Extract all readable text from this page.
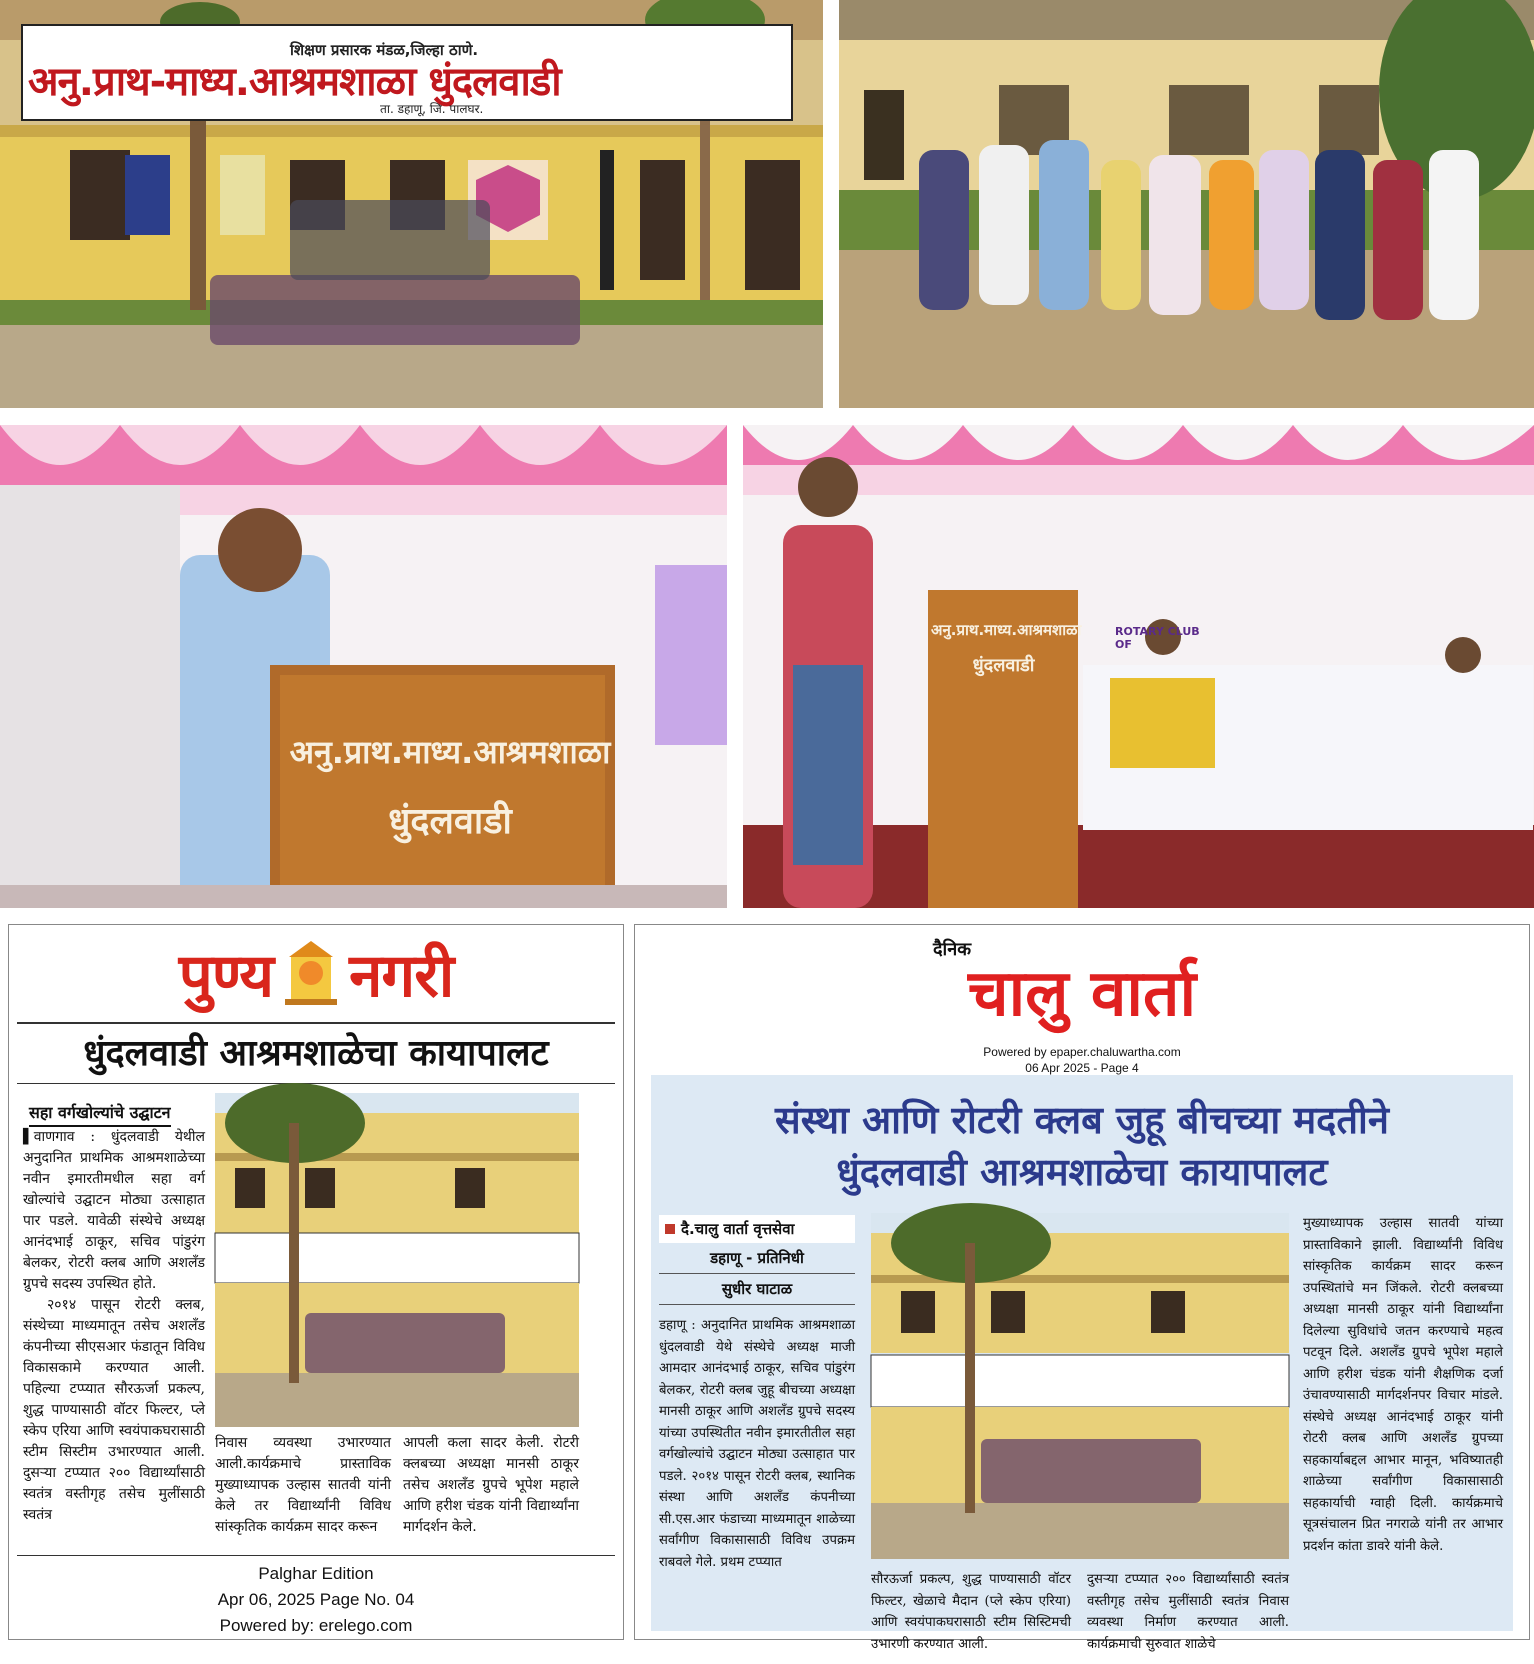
शिक्षण प्रसारक मंडळ,जिल्हा ठाणे.
अनु.प्राथ-माध्य.आश्रमशाळा धुंदलवाडी
ता. डहाणू, जि. पालघर.
अनु.प्राथ.माध्य.आश्रमशाळा
धुंदलवाडी
ROTARY CLUB OF
अनु.प्राथ.माध्य.आश्रमशाळा
धुंदलवाडी
पुण्य नगरी
धुंदलवाडी आश्रमशाळेचा कायापालट
सहा वर्गखोल्यांचे उद्घाटन

▌वाणगाव : धुंदलवाडी येथील अनुदानित प्राथमिक आश्रमशाळेच्या नवीन इमारतीमधील सहा वर्ग खोल्यांचे उद्घाटन मोठ्या उत्साहात पार पडले. यावेळी संस्थेचे अध्यक्ष आनंदभाई ठाकूर, सचिव पांडुरंग बेलकर, रोटरी क्लब आणि अशलँड ग्रुपचे सदस्य उपस्थित होते.

२०१४ पासून रोटरी क्लब, संस्थेच्या माध्यमातून तसेच अशलँड कंपनीच्या सीएसआर फंडातून विविध विकासकामे करण्यात आली. पहिल्या टप्प्यात सौरऊर्जा प्रकल्प, शुद्ध पाण्यासाठी वॉटर फिल्टर, प्ले स्केप एरिया आणि स्वयंपाकघरासाठी स्टीम सिस्टीम उभारण्यात आली. दुसऱ्या टप्प्यात २०० विद्यार्थ्यांसाठी स्वतंत्र वस्तीगृह तसेच मुलींसाठी स्वतंत्र

निवास व्यवस्था उभारण्यात आली.कार्यक्रमाचे प्रास्ताविक मुख्याध्यापक उल्हास सातवी यांनी केले तर विद्यार्थ्यांनी विविध सांस्कृतिक कार्यक्रम सादर करून

आपली कला सादर केली. रोटरी क्लबच्या अध्यक्षा मानसी ठाकूर तसेच अशलँड ग्रुपचे भूपेश महाले आणि हरीश चंडक यांनी विद्यार्थ्यांना मार्गदर्शन केले.

Palghar Edition
Apr 06, 2025 Page No. 04
Powered by: erelego.com
दैनिक
चालु वार्ता
Powered by epaper.chaluwartha.com
06 Apr 2025 - Page 4
संस्था आणि रोटरी क्लब जुहू बीचच्या मदतीने
धुंदलवाडी आश्रमशाळेचा कायापालट
दै.चालु वार्ता वृत्तसेवा
डहाणू - प्रतिनिधी
सुधीर घाटाळ

डहाणू : अनुदानित प्राथमिक आश्रमशाळा धुंदलवाडी येथे संस्थेचे अध्यक्ष माजी आमदार आनंदभाई ठाकूर, सचिव पांडुरंग बेलकर, रोटरी क्लब जुहू बीचच्या अध्यक्षा मानसी ठाकूर आणि अशलँड ग्रुपचे सदस्य यांच्या उपस्थितीत नवीन इमारतीतील सहा वर्गखोल्यांचे उद्घाटन मोठ्या उत्साहात पार पडले. २०१४ पासून रोटरी क्लब, स्थानिक संस्था आणि अशलँड कंपनीच्या सी.एस.आर फंडाच्या माध्यमातून शाळेच्या सर्वांगीण विकासासाठी विविध उपक्रम राबवले गेले. प्रथम टप्प्यात

सौरऊर्जा प्रकल्प, शुद्ध पाण्यासाठी वॉटर फिल्टर, खेळाचे मैदान (प्ले स्केप एरिया) आणि स्वयंपाकघरासाठी स्टीम सिस्टिमची उभारणी करण्यात आली.

दुसऱ्या टप्प्यात २०० विद्यार्थ्यांसाठी स्वतंत्र वस्तीगृह तसेच मुलींसाठी स्वतंत्र निवास व्यवस्था निर्माण करण्यात आली. कार्यक्रमाची सुरुवात शाळेचे

मुख्याध्यापक उल्हास सातवी यांच्या प्रास्ताविकाने झाली. विद्यार्थ्यांनी विविध सांस्कृतिक कार्यक्रम सादर करून उपस्थितांचे मन जिंकले. रोटरी क्लबच्या अध्यक्षा मानसी ठाकूर यांनी विद्यार्थ्यांना दिलेल्या सुविधांचे जतन करण्याचे महत्व पटवून दिले. अशलँड ग्रुपचे भूपेश महाले आणि हरीश चंडक यांनी शैक्षणिक दर्जा उंचावण्यासाठी मार्गदर्शनपर विचार मांडले. संस्थेचे अध्यक्ष आनंदभाई ठाकूर यांनी रोटरी क्लब आणि अशलँड ग्रुपच्या सहकार्याबद्दल आभार मानून, भविष्यातही शाळेच्या सर्वांगीण विकासासाठी सहकार्याची ग्वाही दिली. कार्यक्रमाचे सूत्रसंचालन प्रित नगराळे यांनी तर आभार प्रदर्शन कांता डावरे यांनी केले.
